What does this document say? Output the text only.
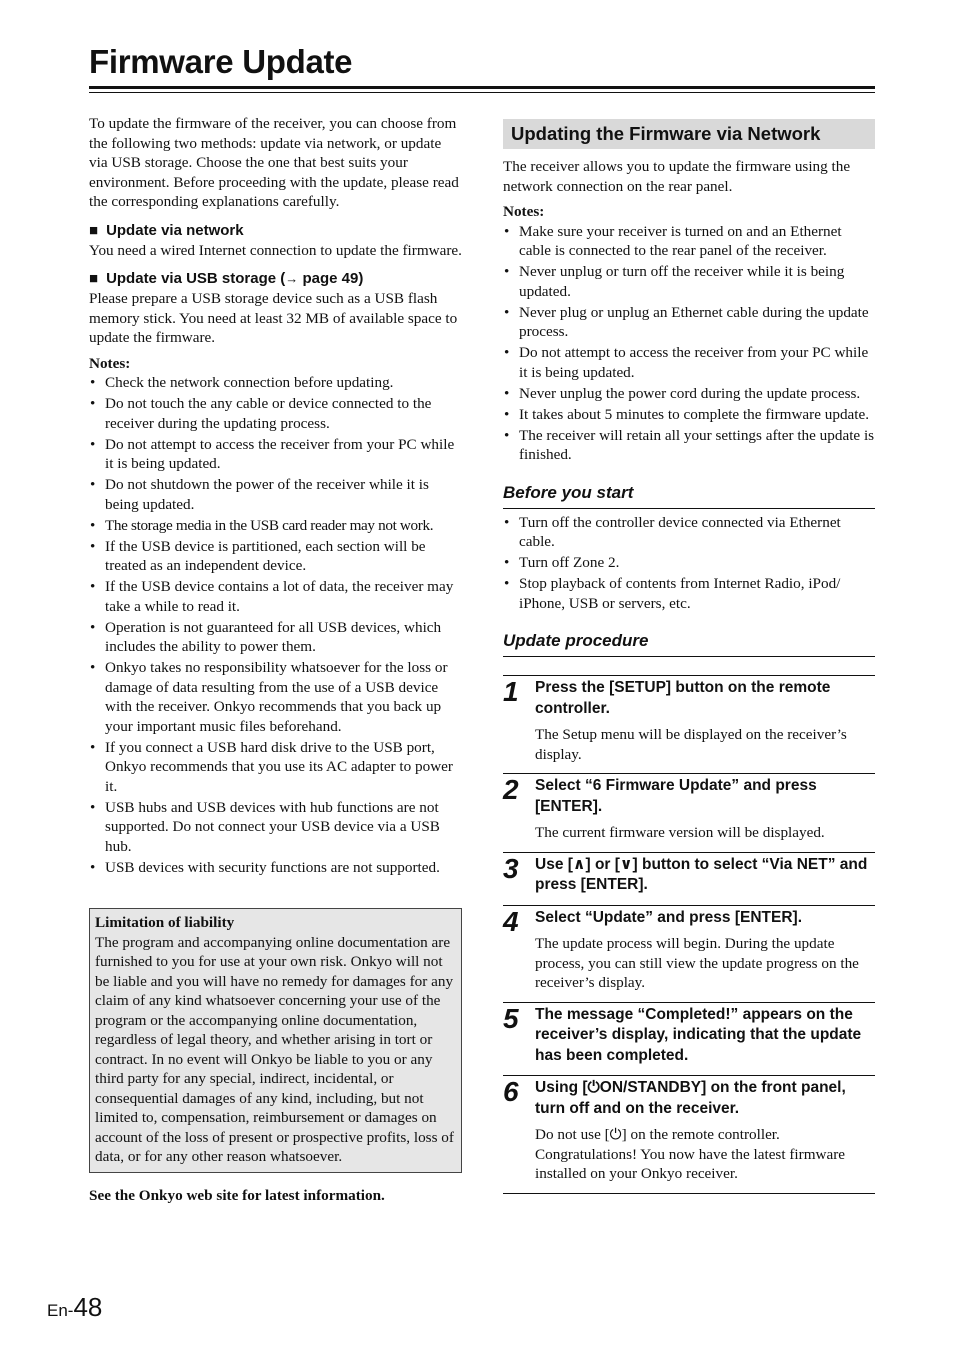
Firmware Update

To update the firmware of the receiver, you can choose from the following two methods: update via network, or update via USB storage. Choose the one that best suits your environment. Before proceeding with the update, please read the corresponding explanations carefully.

■ Update via network

You need a wired Internet connection to update the firmware.

■ Update via USB storage (→ page 49)

Please prepare a USB storage device such as a USB flash memory stick. You need at least 32 MB of available space to update the firmware.

Notes:
• Check the network connection before updating.
• Do not touch the any cable or device connected to the receiver during the updating process.
• Do not attempt to access the receiver from your PC while it is being updated.
• Do not shutdown the power of the receiver while it is being updated.
• The storage media in the USB card reader may not work.
• If the USB device is partitioned, each section will be treated as an independent device.
• If the USB device contains a lot of data, the receiver may take a while to read it.
• Operation is not guaranteed for all USB devices, which includes the ability to power them.
• Onkyo takes no responsibility whatsoever for the loss or damage of data resulting from the use of a USB device with the receiver. Onkyo recommends that you back up your important music files beforehand.
• If you connect a USB hard disk drive to the USB port, Onkyo recommends that you use its AC adapter to power it.
• USB hubs and USB devices with hub functions are not supported. Do not connect your USB device via a USB hub.
• USB devices with security functions are not supported.
Limitation of liability
The program and accompanying online documentation are furnished to you for use at your own risk. Onkyo will not be liable and you will have no remedy for damages for any claim of any kind whatsoever concerning your use of the program or the accompanying online documentation, regardless of legal theory, and whether arising in tort or contract. In no event will Onkyo be liable to you or any third party for any special, indirect, incidental, or consequential damages of any kind, including, but not limited to, compensation, reimbursement or damages on account of the loss of present or prospective profits, loss of data, or for any other reason whatsoever.
See the Onkyo web site for latest information.
Updating the Firmware via Network

The receiver allows you to update the firmware using the network connection on the rear panel.

Notes:
• Make sure your receiver is turned on and an Ethernet cable is connected to the rear panel of the receiver.
• Never unplug or turn off the receiver while it is being updated.
• Never plug or unplug an Ethernet cable during the update process.
• Do not attempt to access the receiver from your PC while it is being updated.
• Never unplug the power cord during the update process.
• It takes about 5 minutes to complete the firmware update.
• The receiver will retain all your settings after the update is finished.
Before you start
• Turn off the controller device connected via Ethernet cable.
• Turn off Zone 2.
• Stop playback of contents from Internet Radio, iPod/ iPhone, USB or servers, etc.
Update procedure
1 Press the [SETUP] button on the remote controller.
The Setup menu will be displayed on the receiver’s display.
2 Select “6 Firmware Update” and press [ENTER].
The current firmware version will be displayed.
3 Use [∧] or [∨] button to select “Via NET” and press [ENTER].
4 Select “Update” and press [ENTER].
The update process will begin. During the update process, you can still view the update progress on the receiver’s display.
5 The message “Completed!” appears on the receiver’s display, indicating that the update has been completed.
6 Using [⏻ON/STANDBY] on the front panel, turn off and on the receiver.
Do not use [⏻] on the remote controller. Congratulations! You now have the latest firmware installed on your Onkyo receiver.
En-48
